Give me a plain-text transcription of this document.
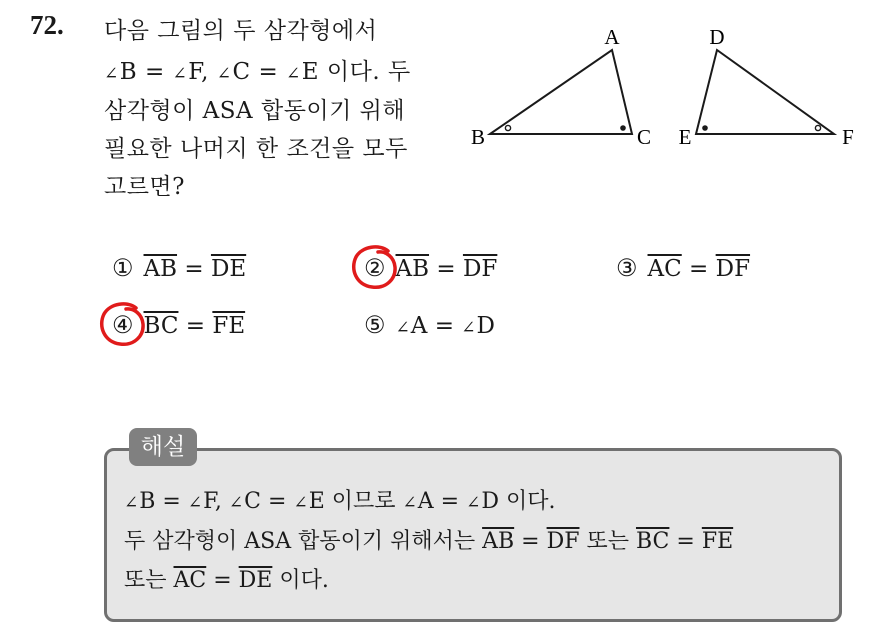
72. 다음 그림의 두 삼각형에서
∠B = ∠F, ∠C = ∠E 이다. 두
삼각형이 ASA 합동이기 위해
필요한 나머지 한 조건을 모두
고르면?
A
B	C
D
E	F
① $\overline{AB} = \overline{DE}$	② $\overline{AB} = \overline{DF}$	③ $\overline{AC} = \overline{DF}$
④ $\overline{BC} = \overline{FE}$	⑤ ∠A = ∠D
해설
∠B = ∠F, ∠C = ∠E 이므로 ∠A = ∠D 이다.
두 삼각형이 ASA 합동이기 위해서는 $\overline{AB} = \overline{DF}$ 또는 $\overline{BC} = \overline{FE}$
또는 $\overline{AC} = \overline{DE}$ 이다.
